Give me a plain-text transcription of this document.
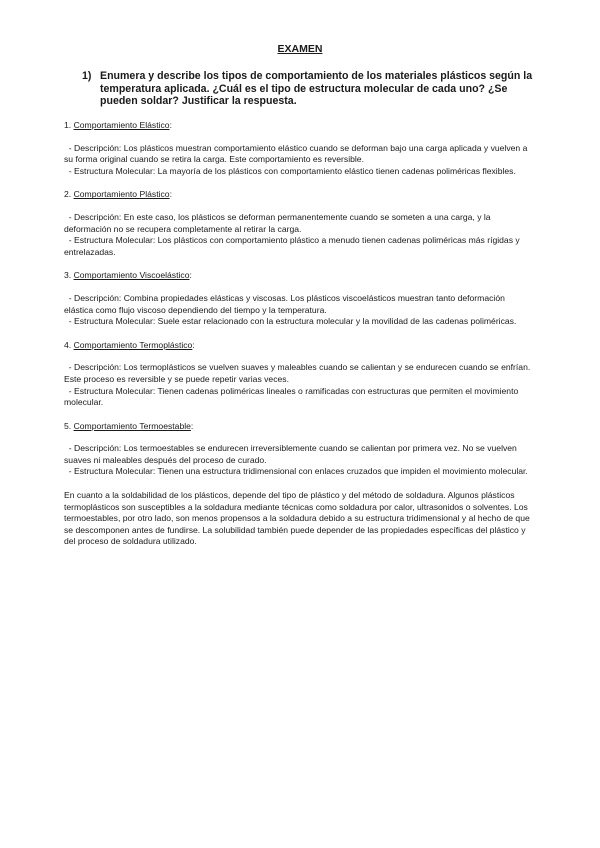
EXAMEN
1) Enumera y describe los tipos de comportamiento de los materiales plásticos según la temperatura aplicada. ¿Cuál es el tipo de estructura molecular de cada uno? ¿Se pueden soldar? Justificar la respuesta.
1. Comportamiento Elástico:
- Descripción: Los plásticos muestran comportamiento elástico cuando se deforman bajo una carga aplicada y vuelven a su forma original cuando se retira la carga. Este comportamiento es reversible.
- Estructura Molecular: La mayoría de los plásticos con comportamiento elástico tienen cadenas poliméricas flexibles.
2. Comportamiento Plástico:
- Descripción: En este caso, los plásticos se deforman permanentemente cuando se someten a una carga, y la deformación no se recupera completamente al retirar la carga.
- Estructura Molecular: Los plásticos con comportamiento plástico a menudo tienen cadenas poliméricas más rígidas y entrelazadas.
3. Comportamiento Viscoelástico:
- Descripción: Combina propiedades elásticas y viscosas. Los plásticos viscoelásticos muestran tanto deformación elástica como flujo viscoso dependiendo del tiempo y la temperatura.
- Estructura Molecular: Suele estar relacionado con la estructura molecular y la movilidad de las cadenas poliméricas.
4. Comportamiento Termoplástico:
- Descripción: Los termoplásticos se vuelven suaves y maleables cuando se calientan y se endurecen cuando se enfrían. Este proceso es reversible y se puede repetir varias veces.
- Estructura Molecular: Tienen cadenas poliméricas lineales o ramificadas con estructuras que permiten el movimiento molecular.
5. Comportamiento Termoestable:
- Descripción: Los termoestables se endurecen irreversiblemente cuando se calientan por primera vez. No se vuelven suaves ni maleables después del proceso de curado.
- Estructura Molecular: Tienen una estructura tridimensional con enlaces cruzados que impiden el movimiento molecular.
En cuanto a la soldabilidad de los plásticos, depende del tipo de plástico y del método de soldadura. Algunos plásticos termoplásticos son susceptibles a la soldadura mediante técnicas como soldadura por calor, ultrasonidos o solventes. Los termoestables, por otro lado, son menos propensos a la soldadura debido a su estructura tridimensional y al hecho de que se descomponen antes de fundirse. La solubilidad también puede depender de las propiedades específicas del plástico y del proceso de soldadura utilizado.
